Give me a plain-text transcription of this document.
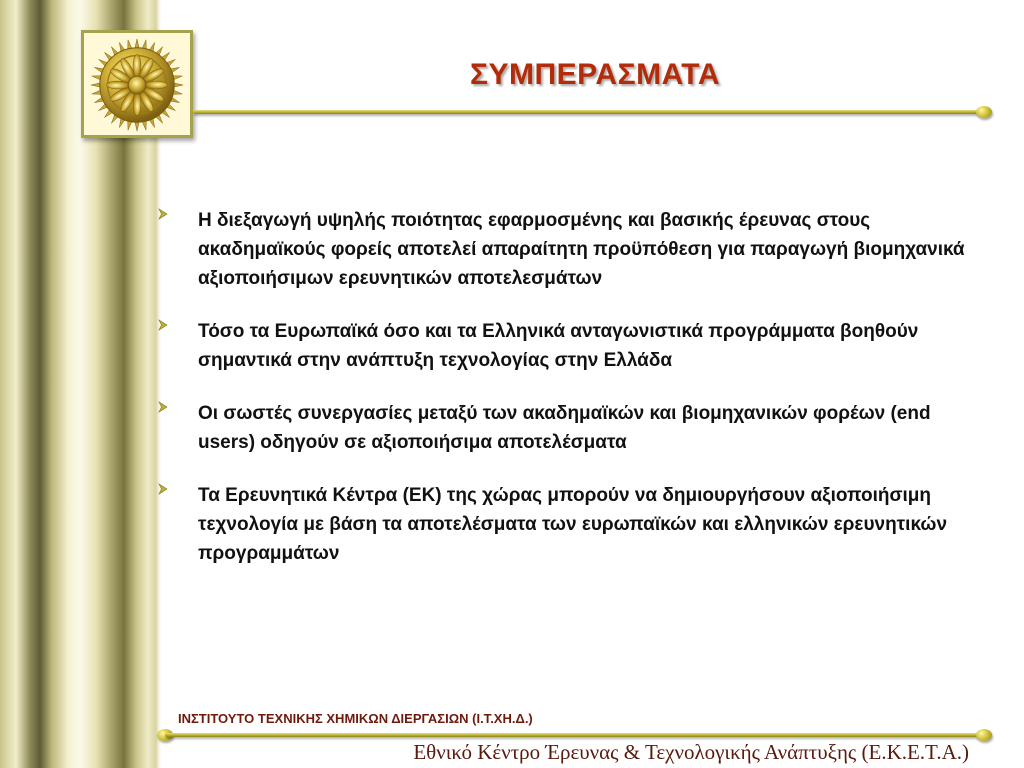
ΣΥΜΠΕΡΑΣΜΑΤΑ
Η διεξαγωγή υψηλής ποιότητας εφαρμοσμένης και βασικής έρευνας στους ακαδημαϊκούς φορείς αποτελεί απαραίτητη προϋπόθεση για παραγωγή βιομηχανικά αξιοποιήσιμων ερευνητικών αποτελεσμάτων
Τόσο τα Ευρωπαϊκά όσο και τα Ελληνικά ανταγωνιστικά προγράμματα βοηθούν σημαντικά στην ανάπτυξη τεχνολογίας στην Ελλάδα
Οι σωστές συνεργασίες μεταξύ των ακαδημαϊκών και βιομηχανικών φορέων (end users) οδηγούν σε αξιοποιήσιμα αποτελέσματα
Τα Ερευνητικά Κέντρα (ΕΚ) της χώρας μπορούν να δημιουργήσουν αξιοποιήσιμη τεχνολογία με βάση τα αποτελέσματα των ευρωπαϊκών και ελληνικών ερευνητικών προγραμμάτων
ΙΝΣΤΙΤΟΥΤΟ ΤΕΧΝΙΚΗΣ ΧΗΜΙΚΩΝ ΔΙΕΡΓΑΣΙΩΝ (Ι.Τ.ΧΗ.Δ.)
Εθνικό Κέντρο Έρευνας & Τεχνολογικής Ανάπτυξης (Ε.Κ.Ε.Τ.Α.)
